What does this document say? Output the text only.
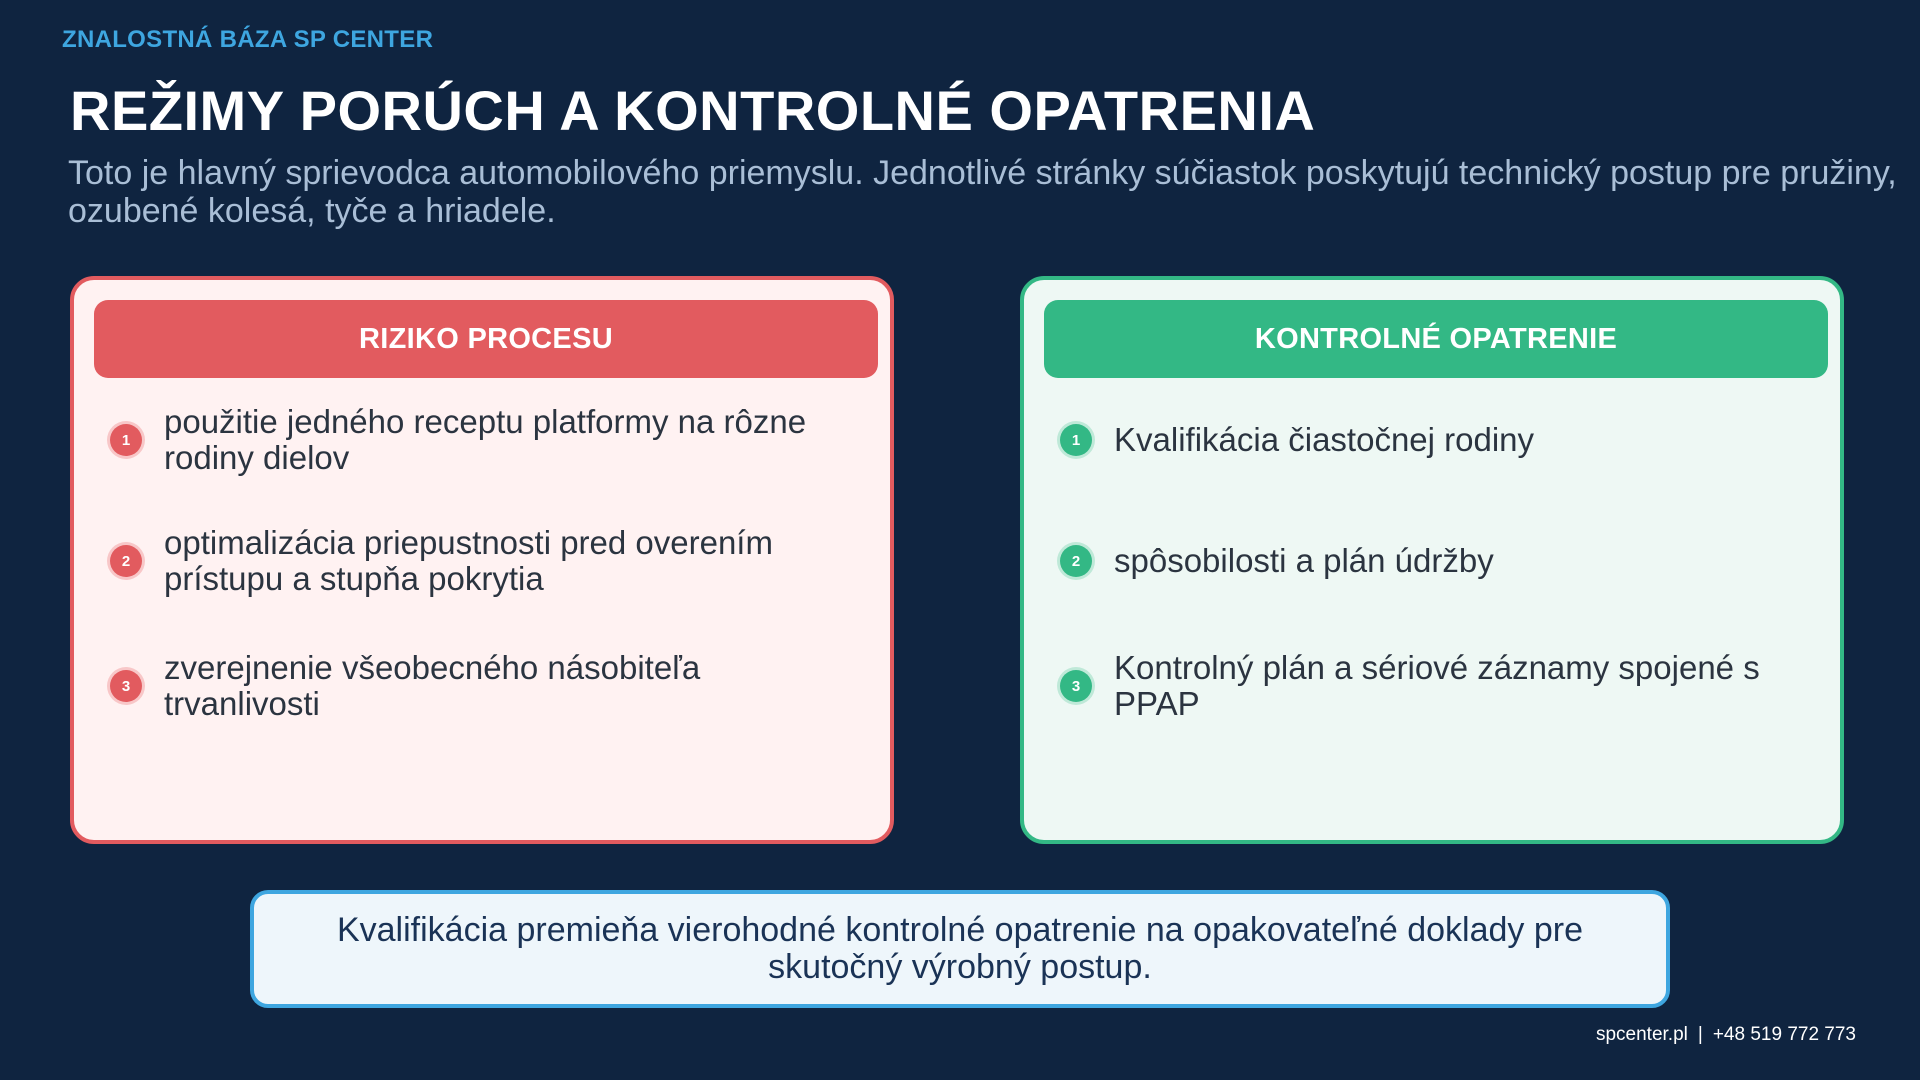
ZNALOSTNÁ BÁZA SP CENTER
REŽIMY PORÚCH A KONTROLNÉ OPATRENIA
Toto je hlavný sprievodca automobilového priemyslu. Jednotlivé stránky súčiastok poskytujú technický postup pre pružiny, ozubené kolesá, tyče a hriadele.
RIZIKO PROCESU
1	použitie jedného receptu platformy na rôzne rodiny dielov
2	optimalizácia priepustnosti pred overením prístupu a stupňa pokrytia
3	zverejnenie všeobecného násobiteľa trvanlivosti
KONTROLNÉ OPATRENIE
1	Kvalifikácia čiastočnej rodiny
2	spôsobilosti a plán údržby
3	Kontrolný plán a sériové záznamy spojené s PPAP
Kvalifikácia premieňa vierohodné kontrolné opatrenie na opakovateľné doklady pre skutočný výrobný postup.
spcenter.pl | +48 519 772 773
